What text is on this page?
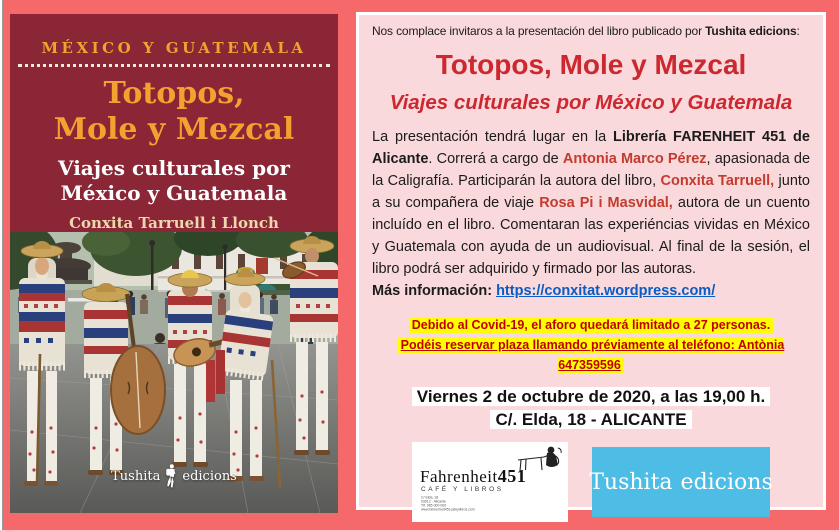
MÉXICO Y GUATEMALA
Totopos,
Mole y Mezcal
Viajes culturales por
México y Guatemala
Conxita Tarruell i Llonch
Tushita edicions

Nos complace invitaros a la presentación del libro publicado por Tushita edicions:

Totopos, Mole y Mezcal
Viajes culturales por México y Guatemala

La presentación tendrá lugar en la Librería FARENHEIT 451 de Alicante. Correrá a cargo de Antonia Marco Pérez, apasionada de la Caligrafía. Participarán la autora del libro, Conxita Tarruell, junto a su compañera de viaje Rosa Pi i Masvidal, autora de un cuento incluído en el libro. Comentaran las experiéncias vividas en México y Guatemala con ayuda de un audiovisual. Al final de la sesión, el libro podrá ser adquirido y firmado por las autoras.

Más información: https://conxitat.wordpress.com/

Debido al Covid-19, el aforo quedará limitado a 27 personas.
Podéis reservar plaza llamando préviamente al teléfono: Antònia 647359596
Viernes 2 de octubre de 2020, a las 19,00 h.
C/. Elda, 18 - ALICANTE
Fahrenheit451
CAFÉ Y LIBROS
C/ Elda, 18
03012 - Alicante
Tlf. 965 000 000
www.fahrenheit451cafeylibros.com
Tushita edicions
